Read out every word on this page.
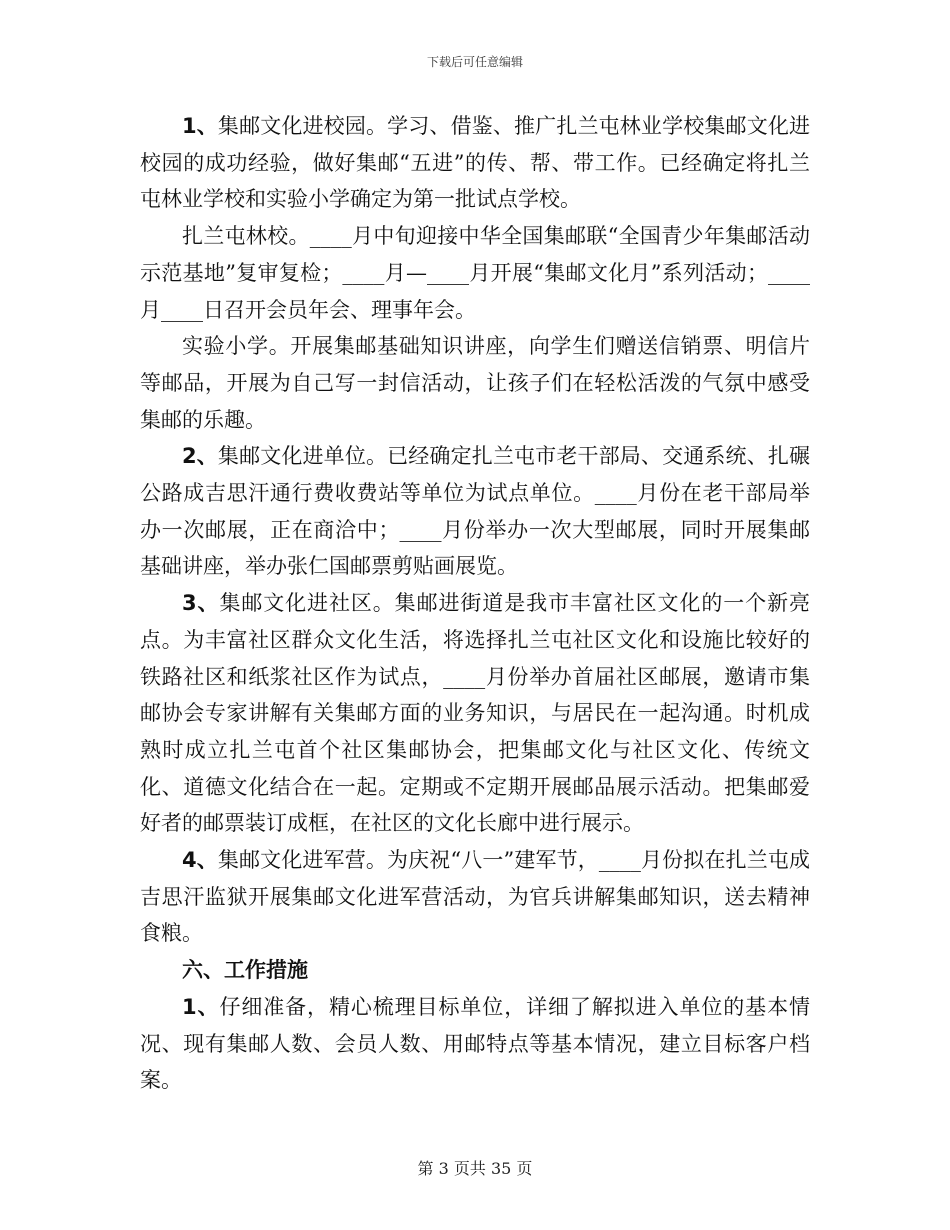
下载后可任意编辑

1、集邮文化进校园。学习、借鉴、推广扎兰屯林业学校集邮文化进校园的成功经验，做好集邮“五进”的传、帮、带工作。已经确定将扎兰屯林业学校和实验小学确定为第一批试点学校。

扎兰屯林校。____月中旬迎接中华全国集邮联“全国青少年集邮活动示范基地”复审复检；____月—____月开展“集邮文化月”系列活动；____月____日召开会员年会、理事年会。

实验小学。开展集邮基础知识讲座，向学生们赠送信销票、明信片等邮品，开展为自己写一封信活动，让孩子们在轻松活泼的气氛中感受集邮的乐趣。

2、集邮文化进单位。已经确定扎兰屯市老干部局、交通系统、扎碾公路成吉思汗通行费收费站等单位为试点单位。____月份在老干部局举办一次邮展，正在商洽中；____月份举办一次大型邮展，同时开展集邮基础讲座，举办张仁国邮票剪贴画展览。

3、集邮文化进社区。集邮进街道是我市丰富社区文化的一个新亮点。为丰富社区群众文化生活，将选择扎兰屯社区文化和设施比较好的铁路社区和纸浆社区作为试点，____月份举办首届社区邮展，邀请市集邮协会专家讲解有关集邮方面的业务知识，与居民在一起沟通。时机成熟时成立扎兰屯首个社区集邮协会，把集邮文化与社区文化、传统文化、道德文化结合在一起。定期或不定期开展邮品展示活动。把集邮爱好者的邮票装订成框，在社区的文化长廊中进行展示。

4、集邮文化进军营。为庆祝“八一”建军节，____月份拟在扎兰屯成吉思汗监狱开展集邮文化进军营活动，为官兵讲解集邮知识，送去精神食粮。

六、工作措施

1、仔细准备，精心梳理目标单位，详细了解拟进入单位的基本情况、现有集邮人数、会员人数、用邮特点等基本情况，建立目标客户档案。

第 3 页共 35 页
